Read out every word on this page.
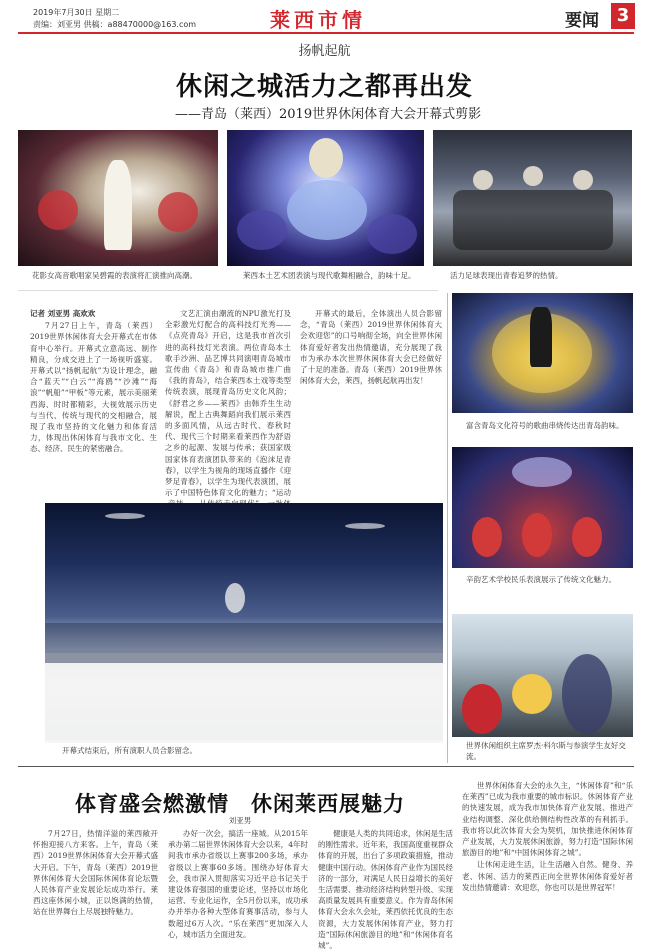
2019年7月30日 星期二
责编：刘亚男 供稿：a88470000@163.com	莱西市情	要闻 3
扬帆起航
休闲之城活力之都再出发
——青岛（莱西）2019世界休闲体育大会开幕式剪影
花影女高音歌唱家吴碧霞的表演将汇演推向高潮。	莱西本土艺术团表演与现代歌舞相融合，韵味十足。	活力足球表现出青春追梦的热情。

记者 刘亚男 高欢欢

7月27日上午，青岛（莱西）2019世界休闲体育大会开幕式在市体育中心举行。开幕式立意高远、制作精良，分成交进上了一场视听盛宴。开幕式以“扬帆起航”为设计理念，融合“蓝天”“白云”“海鸥”“沙滩”“海浪”“帆船”“甲板”等元素，展示美丽莱西海、时时都精彩，大视效展示历史与当代、传统与现代的交相融合，展现了我市坚持的文化魅力和体育活力，体现出休闲体育与我市文化、生态、经济、民生的紧密融合。

文艺汇演由潮流的NPU激光打及全彩激光灯配合的高科技灯光秀——《点亮青岛》开启，这是我市首次引进的高科技灯光表演。两位青岛本土歌手沙洲、品艺博共同演唱青岛城市宣传曲《青岛》和青岛城市推广曲《我的青岛》，结合莱西本土戏等类型传统表演，展现青岛历史文化风韵；《舒君之乡——莱西》由韩乔生生动解说，配上古典舞蹈向我们展示莱西的多面风情，从远古时代、春秋时代、现代三个时期来看莱西作为舒语之乡的起源、发展与传承；获国家级国家体育表演团队带来的《泡沫足青春》，以学生为视角的现场直播作《迎梦足青春》，以学生为现代表演团，展示了中国特色体育文化的魅力；“运动

开幕式的最后，全体演出人员合影留念，“青岛（莱西）2019世界休闲体育大会欢迎您”的口号响彻全场，向全世界休闲体育爱好者发出热情邀请，充分展现了我市为承办本次世界休闲体育大会已经做好了十足的准备。青岛（莱西）2019世界休闲体育大会，莱西，扬帆起航再出发！

富含青岛文化符号的歌曲串烧传达出青岛韵味。
辛韵艺术学校民乐表演展示了传统文化魅力。
世界休闲组织主席罗杰·科尔斯与参演学生友好交流。
开幕式结束后，所有演职人员合影留念。
体育盛会燃激情　休闲莱西展魅力
刘亚男

7月27日，热情洋溢的莱西敞开怀抱迎接八方来客。上午，青岛（莱西）2019世界休闲体育大会开幕式盛大开启。下午，青岛（莱西）2019世界休闲体育大会国际休闲体育论坛暨人民体育产业发展论坛成功举行。莱西这座休闲小城，正以饱满的热情，站在世界舞台上尽展独特魅力。

办好一次会，搞活一座城。从2015年承办第二届世界休闲体育大会以来，4年时间我市承办省级以上赛事200多场，承办省级以上赛事60多场。围绕办好体育大会，我市深入贯彻落实习近平总书记关于建设体育强国的重要论述，坚持以市场化运营、专业化运作，全5月份以来，成功承办并举办各种大型体育赛事活动，参与人数超过6万人次。“乐在莱西”更加深入人心，城市活力全面迸发。

健康是人类的共同追求，休闲是生活的刚性需求。近年来，我国高度重视群众体育的开展，出台了多项政策措施，推动健康中国行动。休闲体育产业作为国民经济的一部分，对满足人民日益增长的美好生活需要、推动经济结构转型升级、实现高质量发展具有重要意义。作为青岛休闲体育大会永久会址，莱西依托优良的生态资源，大力发展休闲体育产业，努力打造“国际休闲旅游目的地”和“休闲体育名城”。

世界休闲体育大会的永久主，“休闲体育”和“乐在莱西”已成为我市重要的城市标识。休闲体育产业的快速发展，成为我市加快体育产业发展、推进产业结构调整、深化供给侧结构性改革的有利抓手。我市将以此次体育大会为契机，加快推进休闲体育产业发展，大力发展休闲旅游，努力打造“国际休闲旅游目的地”和“中国休闲体育之城”。

让休闲走进生活，让生活融入自然。健身、养老、休闲、活力的莱西正向全世界休闲体育爱好者发出热情邀请：欢迎您，你也可以是世界冠军！
